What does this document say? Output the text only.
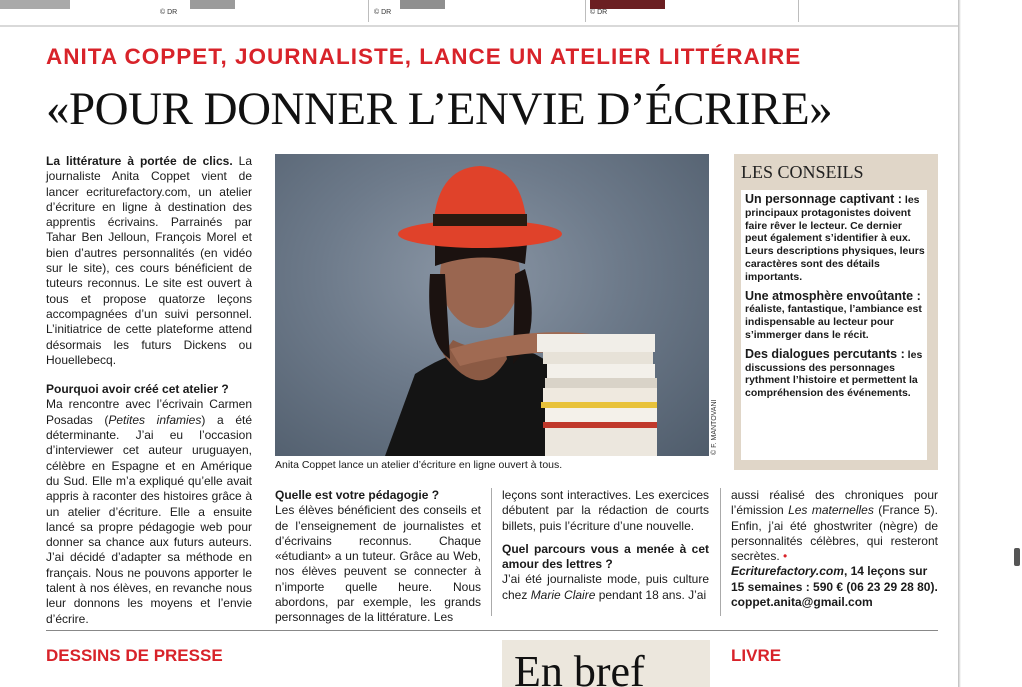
© DR	© DR	© DR
ANITA COPPET, JOURNALISTE, LANCE UN ATELIER LITTÉRAIRE
«POUR DONNER L’ENVIE D’ÉCRIRE»

La littérature à portée de clics. La journaliste Anita Coppet vient de lancer ecriturefactory.com, un atelier d’écriture en ligne à destination des apprentis écrivains. Parrainés par Tahar Ben Jelloun, François Morel et bien d’autres personnalités (en vidéo sur le site), ces cours bénéficient de tuteurs reconnus. Le site est ouvert à tous et propose quatorze leçons accompagnées d’un suivi personnel. L’initiatrice de cette plateforme attend désormais les futurs Dickens ou Houellebecq.

Pourquoi avoir créé cet atelier ?

Ma rencontre avec l’écrivain Carmen Posadas (Petites infamies) a été déterminante. J’ai eu l’occasion d’interviewer cet auteur uruguayen, célèbre en Espagne et en Amérique du Sud. Elle m’a expliqué qu’elle avait appris à raconter des histoires grâce à un atelier d’écriture. Elle a ensuite lancé sa propre pédagogie web pour donner sa chance aux futurs auteurs. J’ai décidé d’adapter sa méthode en français. Nous ne pouvons apporter le talent à nos élèves, en revanche nous leur donnons les moyens et l’envie d’écrire.

© F. MANTOVANI
Anita Coppet lance un atelier d’écriture en ligne ouvert à tous.
LES CONSEILS

Un personnage captivant : les principaux protagonistes doivent faire rêver le lecteur. Ce dernier peut également s’identifier à eux. Leurs descriptions physiques, leurs caractères sont des détails importants.

Une atmosphère envoûtante : réaliste, fantastique, l’ambiance est indispensable au lecteur pour s’immerger dans le récit.

Des dialogues percutants : les discussions des personnages rythment l’histoire et permettent la compréhension des événements.

Quelle est votre pédagogie ?

Les élèves bénéficient des conseils et de l’enseignement de journalistes et d’écrivains reconnus. Chaque «étudiant» a un tuteur. Grâce au Web, nos élèves peuvent se connecter à n’importe quelle heure. Nous abordons, par exemple, les grands personnages de la littérature. Les

leçons sont interactives. Les exercices débutent par la rédaction de courts billets, puis l’écriture d’une nouvelle.

Quel parcours vous a menée à cet amour des lettres ?

J’ai été journaliste mode, puis culture chez Marie Claire pendant 18 ans. J’ai

aussi réalisé des chroniques pour l’émission Les maternelles (France 5). Enfin, j’ai été ghostwriter (nègre) de personnalités célèbres, qui resteront secrètes. •

Ecriturefactory.com, 14 leçons sur 15 semaines : 590 € (06 23 29 28 80).

coppet.anita@gmail.com

DESSINS DE PRESSE	En bref	LIVRE
